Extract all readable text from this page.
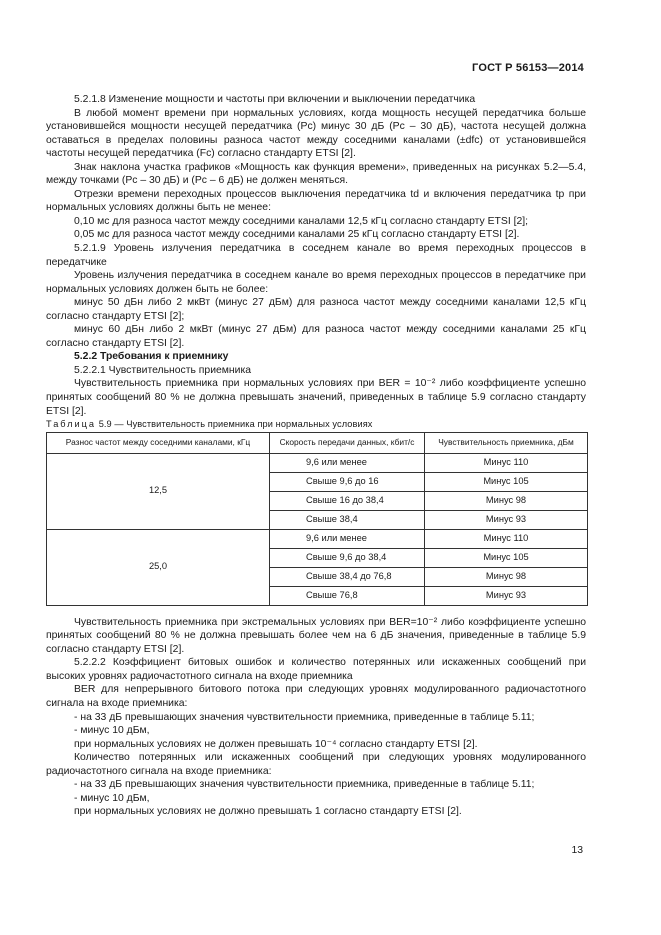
ГОСТ Р 56153—2014

5.2.1.8 Изменение мощности и частоты при включении и выключении передатчика

В любой момент времени при нормальных условиях, когда мощность несущей передатчика больше установившейся мощности несущей передатчика (Pс) минус 30 дБ (Pс – 30 дБ), частота несущей должна оставаться в пределах половины разноса частот между соседними каналами (±dfс) от установившейся частоты несущей передатчика (Fс) согласно стандарту ETSI [2].

Знак наклона участка графиков «Мощность как функция времени», приведенных на рисунках 5.2—5.4, между точками (Pс – 30 дБ) и (Pс – 6 дБ) не должен меняться.

Отрезки времени переходных процессов выключения передатчика td и включения передатчика tр при нормальных условиях должны быть не менее:

0,10 мс для разноса частот между соседними каналами 12,5 кГц согласно стандарту ETSI [2];

0,05 мс для разноса частот между соседними каналами 25 кГц согласно стандарту ETSI [2].

5.2.1.9 Уровень излучения передатчика в соседнем канале во время переходных процессов в передатчике

Уровень излучения передатчика в соседнем канале во время переходных процессов в передатчике при нормальных условиях должен быть не более:

минус 50 дБн либо 2 мкВт (минус 27 дБм) для разноса частот между соседними каналами 12,5 кГц согласно стандарту ETSI [2];

минус 60 дБн либо 2 мкВт (минус 27 дБм) для разноса частот между соседними каналами 25 кГц согласно стандарту ETSI [2].

5.2.2 Требования к приемнику

5.2.2.1 Чувствительность приемника

Чувствительность приемника при нормальных условиях при BER = 10⁻² либо коэффициенте успешно принятых сообщений 80 % не должна превышать значений, приведенных в таблице 5.9 согласно стандарту ETSI [2].

Таблица 5.9 — Чувствительность приемника при нормальных условиях

Разнос частот между соседними каналами, кГц	Скорость передачи данных, кбит/с	Чувствительность приемника, дБм
12,5	9,6 или менее	Минус 110
	Свыше 9,6 до 16	Минус 105
	Свыше 16 до 38,4	Минус 98
	Свыше 38,4	Минус 93
25,0	9,6 или менее	Минус 110
	Свыше 9,6 до 38,4	Минус 105
	Свыше 38,4 до 76,8	Минус 98
	Свыше 76,8	Минус 93

Чувствительность приемника при экстремальных условиях при BER=10⁻² либо коэффициенте успешно принятых сообщений 80 % не должна превышать более чем на 6 дБ значения, приведенные в таблице 5.9 согласно стандарту ETSI [2].

5.2.2.2 Коэффициент битовых ошибок и количество потерянных или искаженных сообщений при высоких уровнях радиочастотного сигнала на входе приемника

BER для непрерывного битового потока при следующих уровнях модулированного радиочастотного сигнала на входе приемника:

- на 33 дБ превышающих значения чувствительности приемника, приведенные в таблице 5.11;

- минус 10 дБм,

при нормальных условиях не должен превышать 10⁻⁴ согласно стандарту ETSI [2].

Количество потерянных или искаженных сообщений при следующих уровнях модулированного радиочастотного сигнала на входе приемника:

- на 33 дБ превышающих значения чувствительности приемника, приведенные в таблице 5.11;

- минус 10 дБм,

при нормальных условиях не должно превышать 1 согласно стандарту ETSI [2].

13
